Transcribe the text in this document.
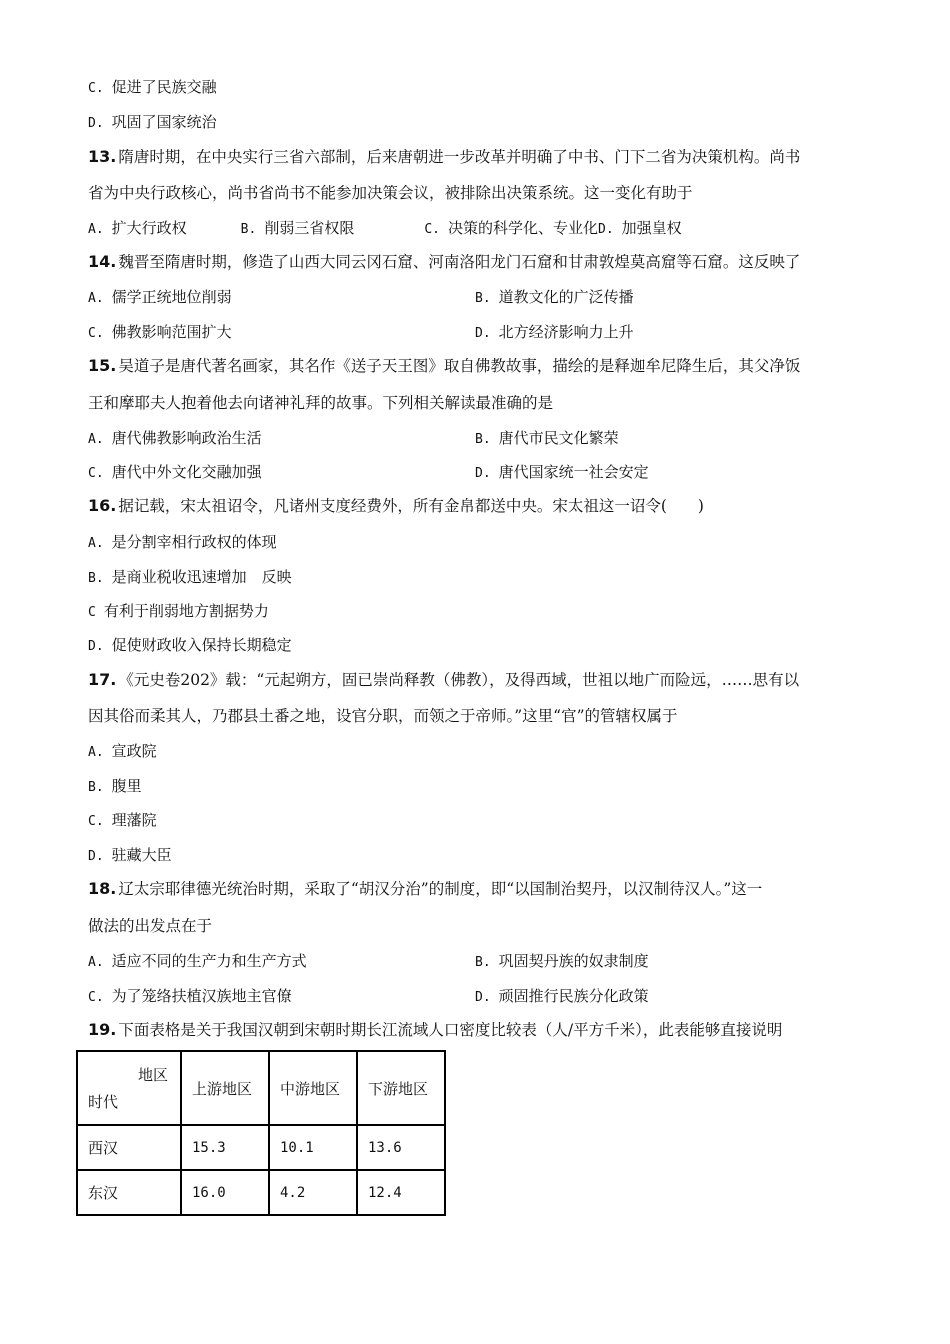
C. 促进了民族交融
D. 巩固了国家统治
13. 隋唐时期，在中央实行三省六部制，后来唐朝进一步改革并明确了中书、门下二省为决策机构。尚书
省为中央行政核心，尚书省尚书不能参加决策会议，被排除出决策系统。这一变化有助于
A. 扩大行政权	B. 削弱三省权限	C. 决策的科学化、专业化D. 加强皇权
14. 魏晋至隋唐时期，修造了山西大同云冈石窟、河南洛阳龙门石窟和甘肃敦煌莫高窟等石窟。这反映了
A. 儒学正统地位削弱	B. 道教文化的广泛传播
C. 佛教影响范围扩大	D. 北方经济影响力上升
15. 吴道子是唐代著名画家，其名作《送子天王图》取自佛教故事，描绘的是释迦牟尼降生后，其父净饭
王和摩耶夫人抱着他去向诸神礼拜的故事。下列相关解读最准确的是
A. 唐代佛教影响政治生活	B. 唐代市民文化繁荣
C. 唐代中外文化交融加强	D. 唐代国家统一社会安定
16. 据记载，宋太祖诏令，凡诸州支度经费外，所有金帛都送中央。宋太祖这一诏令(　　)
A. 是分割宰相行政权的体现
B. 是商业税收迅速增加　反映
C 有利于削弱地方割据势力
D. 促使财政收入保持长期稳定
17. 《元史卷202》载：“元起朔方，固已崇尚释教（佛教），及得西域，世祖以地广而险远，……思有以
因其俗而柔其人，乃郡县土番之地，设官分职，而领之于帝师。”这里“官”的管辖权属于
A. 宣政院
B. 腹里
C. 理藩院
D. 驻藏大臣
18. 辽太宗耶律德光统治时期，采取了“胡汉分治”的制度，即“以国制治契丹，以汉制待汉人。”这一
做法的出发点在于
A. 适应不同的生产力和生产方式	B. 巩固契丹族的奴隶制度
C. 为了笼络扶植汉族地主官僚	D. 顽固推行民族分化政策
19. 下面表格是关于我国汉朝到宋朝时期长江流域人口密度比较表（人/平方千米），此表能够直接说明
地区
时代	上游地区	中游地区	下游地区
西汉	15.3	10.1	13.6
东汉	16.0	4.2	12.4
